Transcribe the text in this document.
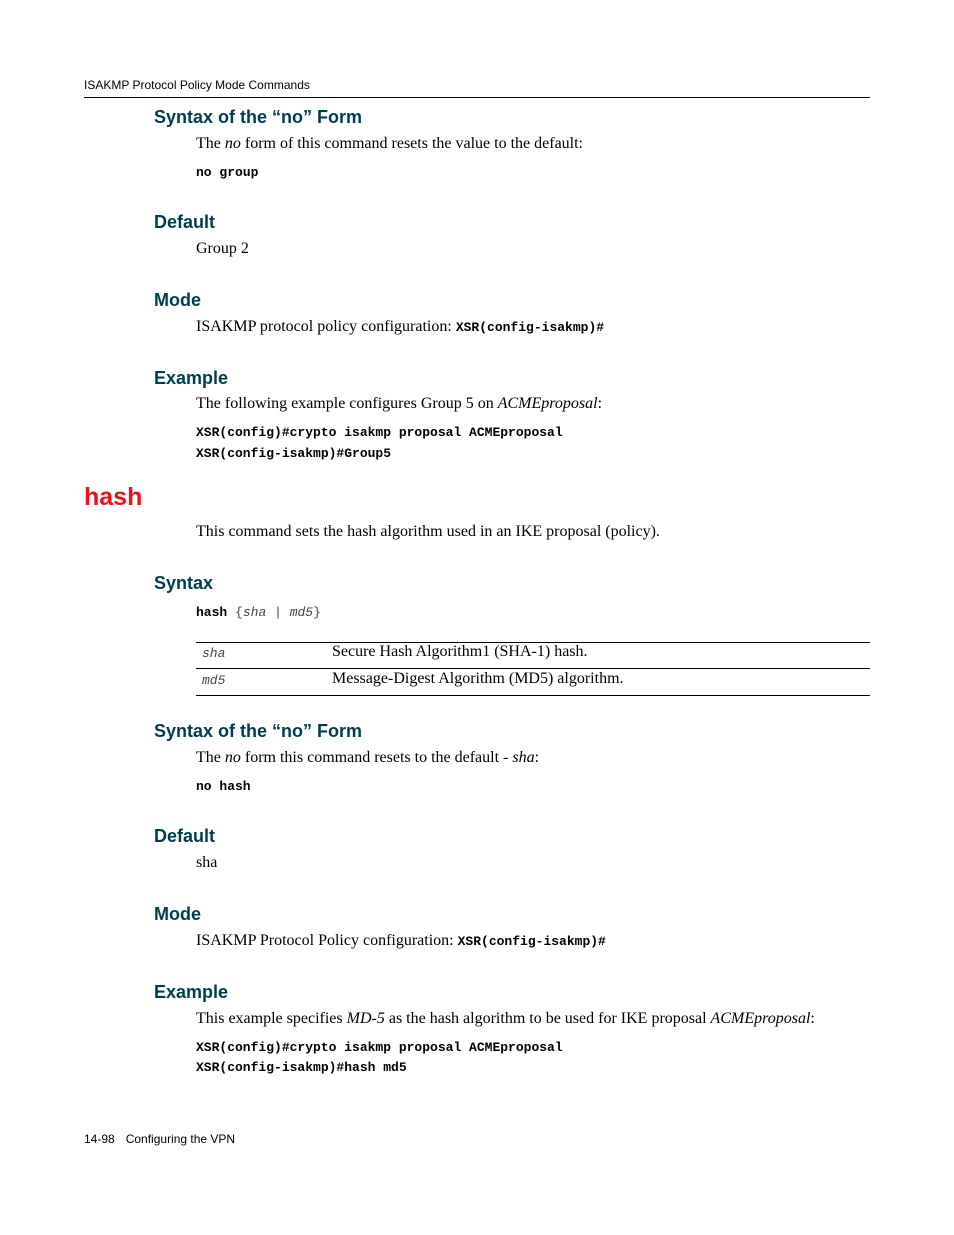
ISAKMP Protocol Policy Mode Commands
Syntax of the “no” Form
The no form of this command resets the value to the default:
no group
Default
Group 2
Mode
ISAKMP protocol policy configuration: XSR(config-isakmp)#
Example
The following example configures Group 5 on ACMEproposal:
XSR(config)#crypto isakmp proposal ACMEproposal
XSR(config-isakmp)#Group5
hash
This command sets the hash algorithm used in an IKE proposal (policy).
Syntax
hash {sha | md5}
sha	Secure Hash Algorithm1 (SHA-1) hash.
md5	Message-Digest Algorithm (MD5) algorithm.
Syntax of the “no” Form
The no form this command resets to the default - sha:
no hash
Default
sha
Mode
ISAKMP Protocol Policy configuration: XSR(config-isakmp)#
Example
This example specifies MD-5 as the hash algorithm to be used for IKE proposal ACMEproposal:
XSR(config)#crypto isakmp proposal ACMEproposal
XSR(config-isakmp)#hash md5
14-98 Configuring the VPN
